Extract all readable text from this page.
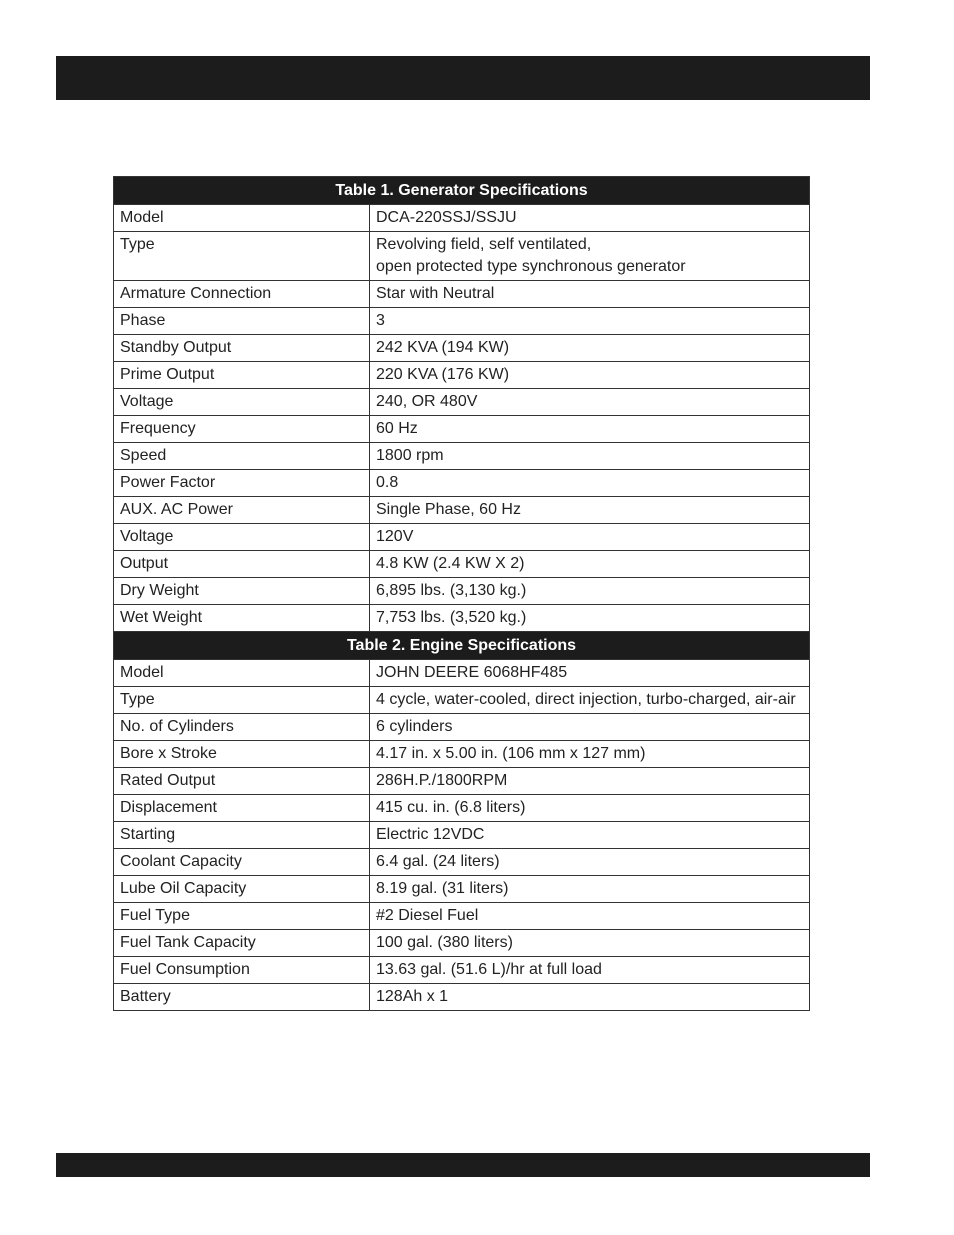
Table 1. Generator Specifications	
Model	DCA-220SSJ/SSJU
Type	Revolving field, self ventilated,
open protected type synchronous generator

Armature Connection	Star with Neutral
Phase	3
Standby Output	242 KVA (194 KW)
Prime Output	220 KVA (176 KW)
Voltage	240, OR 480V
Frequency	60 Hz
Speed	1800 rpm
Power Factor	0.8
AUX. AC Power	Single Phase, 60 Hz
Voltage	120V
Output	4.8 KW (2.4 KW X 2)
Dry Weight	6,895 lbs. (3,130 kg.)
Wet Weight	7,753 lbs. (3,520 kg.)
Table 2. Engine Specifications	
Model	JOHN DEERE 6068HF485
Type	4 cycle, water-cooled, direct injection, turbo-charged, air-air
No. of Cylinders	6 cylinders
Bore x Stroke	4.17 in. x 5.00 in. (106 mm x 127 mm)
Rated Output	286H.P./1800RPM
Displacement	415 cu. in. (6.8 liters)
Starting	Electric 12VDC
Coolant Capacity	6.4 gal. (24 liters)
Lube Oil Capacity	8.19 gal. (31 liters)
Fuel Type	#2 Diesel Fuel
Fuel Tank Capacity	100 gal. (380 liters)
Fuel Consumption	13.63 gal. (51.6 L)/hr at full load
Battery	128Ah x 1
